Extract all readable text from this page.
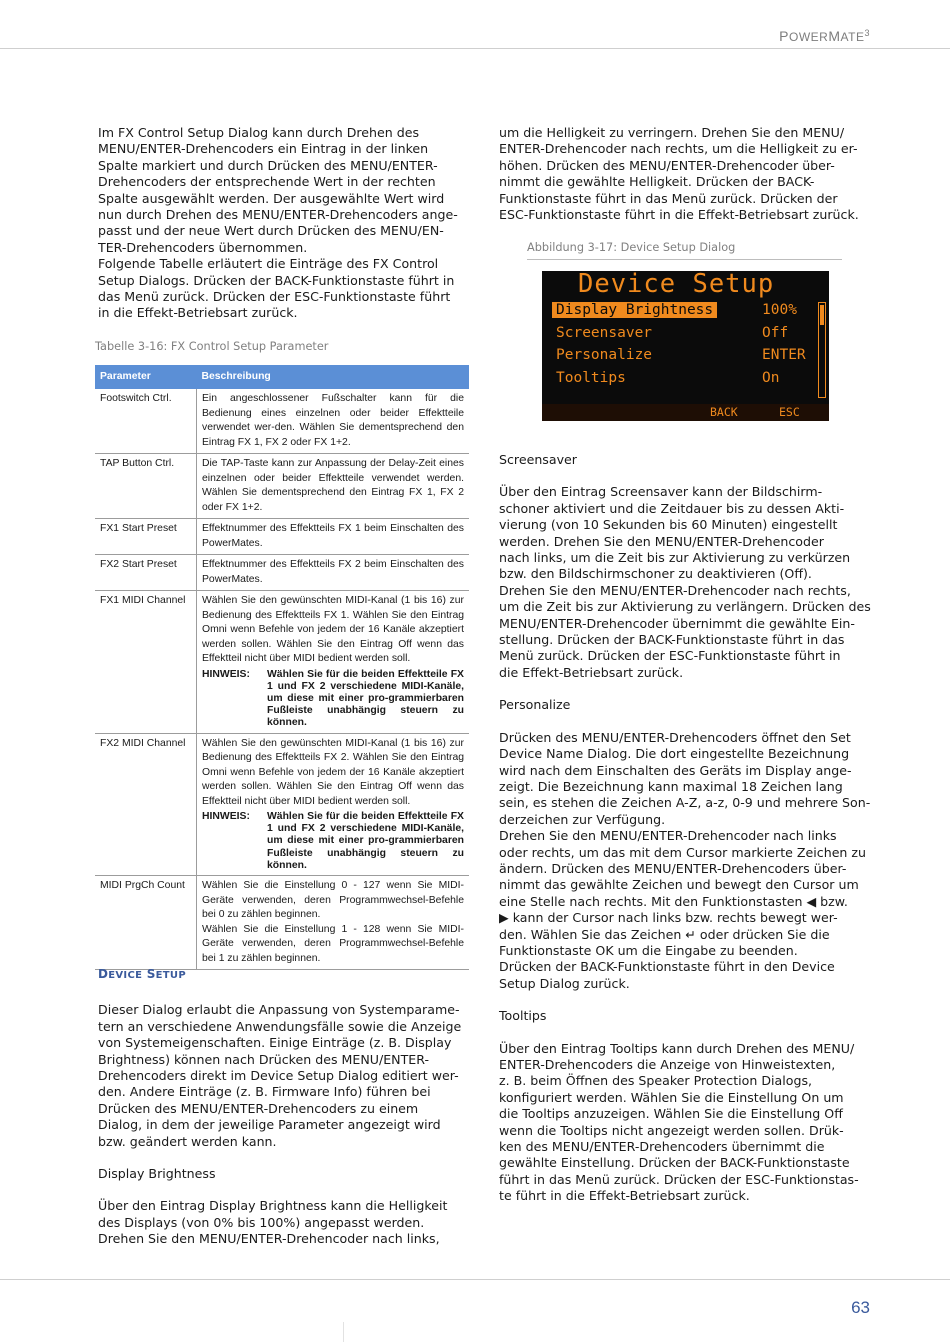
POWERMATE$^3$

Im FX Control Setup Dialog kann durch Drehen des

MENU/ENTER-Drehencoders ein Eintrag in der linken

Spalte markiert und durch Drücken des MENU/ENTER-

Drehencoders der entsprechende Wert in der rechten

Spalte ausgewählt werden. Der ausgewählte Wert wird

nun durch Drehen des MENU/ENTER-Drehencoders ange-

passt und der neue Wert durch Drücken des MENU/EN-

TER-Drehencoders übernommen.

Folgende Tabelle erläutert die Einträge des FX Control

Setup Dialogs. Drücken der BACK-Funktionstaste führt in

das Menü zurück. Drücken der ESC-Funktionstaste führt

in die Effekt-Betriebsart zurück.

Tabelle 3-16: FX Control Setup Parameter

Parameter	Beschreibung
Footswitch Ctrl.	Ein angeschlossener Fußschalter kann für die Bedienung eines einzelnen oder beider Effektteile verwendet wer-den. Wählen Sie dementsprechend den Eintrag FX 1, FX 2 oder FX 1+2.

TAP Button Ctrl.	Die TAP-Taste kann zur Anpassung der Delay-Zeit eines einzelnen oder beider Effektteile verwendet werden. Wählen Sie dementsprechend den Eintrag FX 1, FX 2 oder FX 1+2.

FX1 Start Preset	Effektnummer des Effektteils FX 1 beim Einschalten des PowerMates.

FX2 Start Preset	Effektnummer des Effektteils FX 2 beim Einschalten des PowerMates.

FX1 MIDI Channel	Wählen Sie den gewünschten MIDI-Kanal (1 bis 16) zur Bedienung des Effektteils FX 1. Wählen Sie den Eintrag Omni wenn Befehle von jedem der 16 Kanäle akzeptiert werden sollen. Wählen Sie den Eintrag Off wenn das Effektteil nicht über MIDI bedient werden soll.
HINWEIS: Wählen Sie für die beiden Effektteile FX 1 und FX 2 verschiedene MIDI-Kanäle, um diese mit einer pro-grammierbaren Fußleiste unabhängig steuern zu können.

FX2 MIDI Channel	Wählen Sie den gewünschten MIDI-Kanal (1 bis 16) zur Bedienung des Effektteils FX 2. Wählen Sie den Eintrag Omni wenn Befehle von jedem der 16 Kanäle akzeptiert werden sollen. Wählen Sie den Eintrag Off wenn das Effektteil nicht über MIDI bedient werden soll.
HINWEIS: Wählen Sie für die beiden Effektteile FX 1 und FX 2 verschiedene MIDI-Kanäle, um diese mit einer pro-grammierbaren Fußleiste unabhängig steuern zu können.

MIDI PrgCh Count	Wählen Sie die Einstellung 0 - 127 wenn Sie MIDI-Geräte verwenden, deren Programmwechsel-Befehle bei 0 zu zählen beginnen.
Wählen Sie die Einstellung 1 - 128 wenn Sie MIDI-Geräte verwenden, deren Programmwechsel-Befehle bei 1 zu zählen beginnen.
DEVICE SETUP

Dieser Dialog erlaubt die Anpassung von Systemparame-

tern an verschiedene Anwendungsfälle sowie die Anzeige

von Systemeigenschaften. Einige Einträge (z. B. Display

Brightness) können nach Drücken des MENU/ENTER-

Drehencoders direkt im Device Setup Dialog editiert wer-

den. Andere Einträge (z. B. Firmware Info) führen bei

Drücken des MENU/ENTER-Drehencoders zu einem

Dialog, in dem der jeweilige Parameter angezeigt wird

bzw. geändert werden kann.

Display Brightness

Über den Eintrag Display Brightness kann die Helligkeit

des Displays (von 0% bis 100%) angepasst werden.

Drehen Sie den MENU/ENTER-Drehencoder nach links,

um die Helligkeit zu verringern. Drehen Sie den MENU/

ENTER-Drehencoder nach rechts, um die Helligkeit zu er-

höhen. Drücken des MENU/ENTER-Drehencoder über-

nimmt die gewählte Helligkeit. Drücken der BACK-

Funktionstaste führt in das Menü zurück. Drücken der

ESC-Funktionstaste führt in die Effekt-Betriebsart zurück.

Abbildung 3-17: Device Setup Dialog

Device Setup
Display Brightness	100%
Screensaver	Off
Personalize	ENTER
Tooltips	On
BACK	ESC

Screensaver

Über den Eintrag Screensaver kann der Bildschirm-

schoner aktiviert und die Zeitdauer bis zu dessen Akti-

vierung (von 10 Sekunden bis 60 Minuten) eingestellt

werden. Drehen Sie den MENU/ENTER-Drehencoder

nach links, um die Zeit bis zur Aktivierung zu verkürzen

bzw. den Bildschirmschoner zu deaktivieren (Off).

Drehen Sie den MENU/ENTER-Drehencoder nach rechts,

um die Zeit bis zur Aktivierung zu verlängern. Drücken des

MENU/ENTER-Drehencoder übernimmt die gewählte Ein-

stellung. Drücken der BACK-Funktionstaste führt in das

Menü zurück. Drücken der ESC-Funktionstaste führt in

die Effekt-Betriebsart zurück.

Personalize

Drücken des MENU/ENTER-Drehencoders öffnet den Set

Device Name Dialog. Die dort eingestellte Bezeichnung

wird nach dem Einschalten des Geräts im Display ange-

zeigt. Die Bezeichnung kann maximal 18 Zeichen lang

sein, es stehen die Zeichen A-Z, a-z, 0-9 und mehrere Son-

derzeichen zur Verfügung.

Drehen Sie den MENU/ENTER-Drehencoder nach links

oder rechts, um das mit dem Cursor markierte Zeichen zu

ändern. Drücken des MENU/ENTER-Drehencoders über-

nimmt das gewählte Zeichen und bewegt den Cursor um

eine Stelle nach rechts. Mit den Funktionstasten ◀ bzw.

▶ kann der Cursor nach links bzw. rechts bewegt wer-

den. Wählen Sie das Zeichen ↵ oder drücken Sie die

Funktionstaste OK um die Eingabe zu beenden.

Drücken der BACK-Funktionstaste führt in den Device

Setup Dialog zurück.

Tooltips

Über den Eintrag Tooltips kann durch Drehen des MENU/

ENTER-Drehencoders die Anzeige von Hinweistexten,

z. B. beim Öffnen des Speaker Protection Dialogs,

konfiguriert werden. Wählen Sie die Einstellung On um

die Tooltips anzuzeigen. Wählen Sie die Einstellung Off

wenn die Tooltips nicht angezeigt werden sollen. Drük-

ken des MENU/ENTER-Drehencoders übernimmt die

gewählte Einstellung. Drücken der BACK-Funktionstaste

führt in das Menü zurück. Drücken der ESC-Funktionstas-

te führt in die Effekt-Betriebsart zurück.

63
